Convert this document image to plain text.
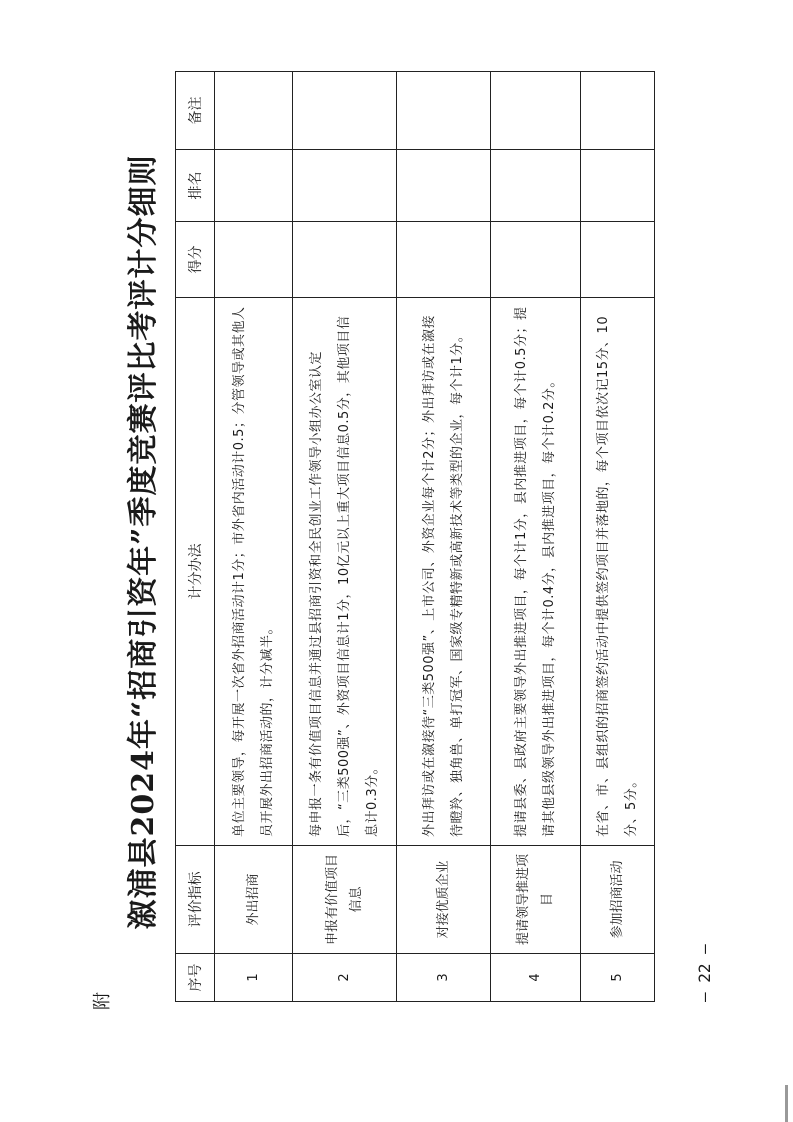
附
溆浦县2024年“招商引资年”季度竞赛评比考评计分细则
序号	评价指标	计分办法	得分	排名	备注
1	外出招商	单位主要领导，每开展一次省外招商活动计1分；市外省内活动计0.5；分管领导或其他人员开展外出招商活动的，计分减半。			
2	申报有价值项目信息	每申报一条有价值项目信息并通过县招商引资和全民创业工作领导小组办公室认定后，“三类500强”、外资项目信息计1分，10亿元以上重大项目信息0.5分，其他项目信息计0.3分。			
3	对接优质企业	外出拜访或在溆接待“三类500强”、上市公司、外资企业每个计2分；外出拜访或在溆接待瞪羚、独角兽、单打冠军、国家级专精特新或高新技术等类型的企业，每个计1分。			
4	提请领导推进项目	提请县委、县政府主要领导外出推进项目，每个计1分，县内推进项目，每个计0.5分；提请其他县级领导外出推进项目，每个计0.4分，县内推进项目，每个计0.2分。			
5	参加招商活动	在省、市、县组织的招商签约活动中提供签约项目并落地的，每个项目依次记15分、10分、5分。			
— 22 —
